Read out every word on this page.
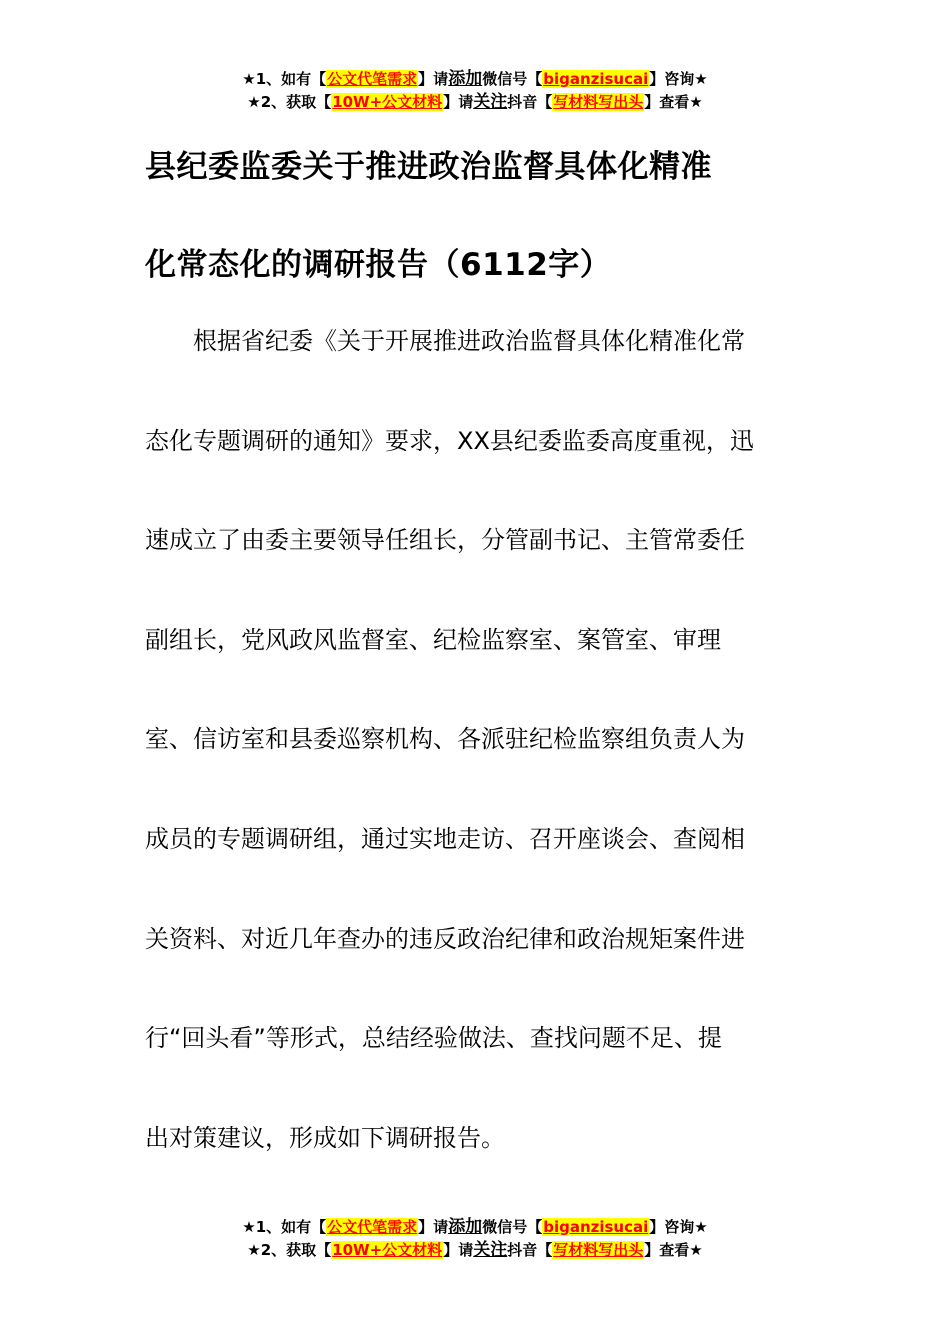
★1、如有【公文代笔需求】请添加微信号【biganzisucai】咨询★
★2、获取【10W+公文材料】请关注抖音【写材料写出头】查看★
县纪委监委关于推进政治监督具体化精准
化常态化的调研报告（6112字）
根据省纪委《关于开展推进政治监督具体化精准化常
态化专题调研的通知》要求，XX县纪委监委高度重视，迅
速成立了由委主要领导任组长，分管副书记、主管常委任
副组长，党风政风监督室、纪检监察室、案管室、审理
室、信访室和县委巡察机构、各派驻纪检监察组负责人为
成员的专题调研组，通过实地走访、召开座谈会、查阅相
关资料、对近几年查办的违反政治纪律和政治规矩案件进
行“回头看”等形式，总结经验做法、查找问题不足、提
出对策建议，形成如下调研报告。
★1、如有【公文代笔需求】请添加微信号【biganzisucai】咨询★
★2、获取【10W+公文材料】请关注抖音【写材料写出头】查看★
